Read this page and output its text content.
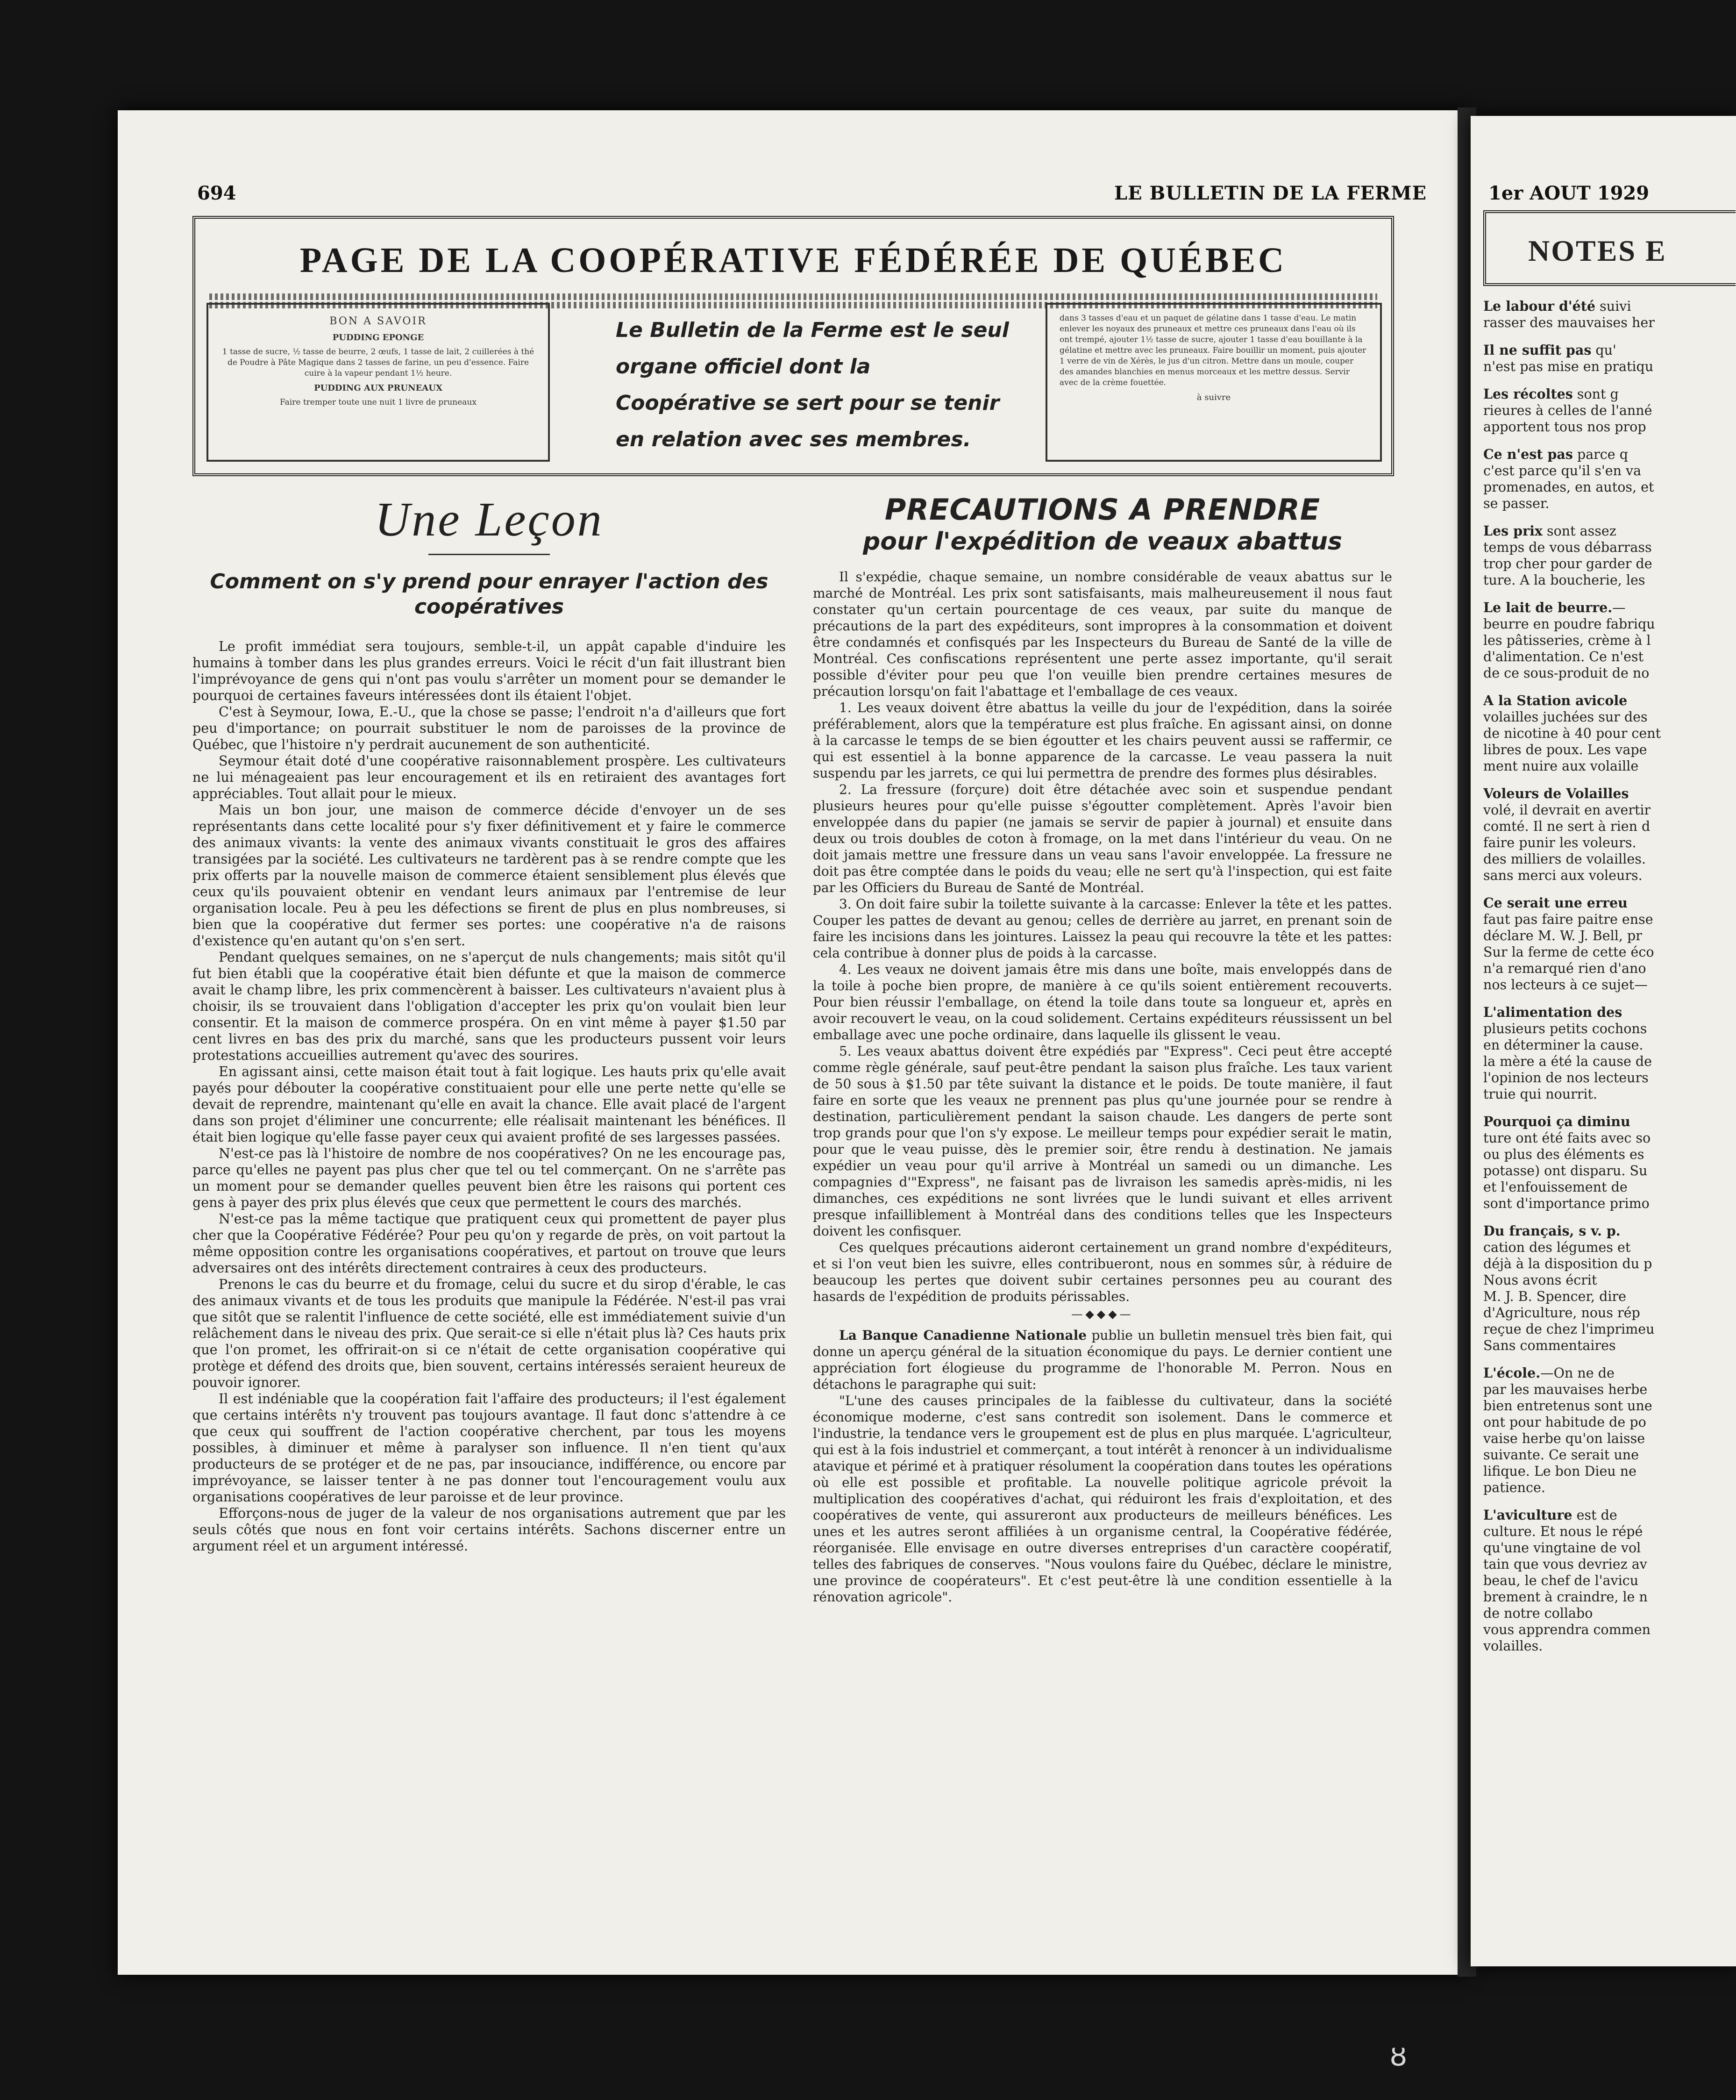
694	LE BULLETIN DE LA FERME	1er AOUT 1929
PAGE DE LA COOPÉRATIVE FÉDÉRÉE DE QUÉBEC
BON A SAVOIR
PUDDING EPONGE
1 tasse de sucre, ½ tasse de beurre, 2 œufs, 1 tasse de lait, 2 cuillerées à thé de Poudre à Pâte Magique dans 2 tasses de farine, un peu d'essence. Faire cuire à la vapeur pendant 1½ heure.
PUDDING AUX PRUNEAUX
Faire tremper toute une nuit 1 livre de pruneaux
Le Bulletin de la Ferme est le seul organe officiel dont la Coopérative se sert pour se tenir en relation avec ses membres.
dans 3 tasses d'eau et un paquet de gélatine dans 1 tasse d'eau. Le matin enlever les noyaux des pruneaux et mettre ces pruneaux dans l'eau où ils ont trempé, ajouter 1½ tasse de sucre, ajouter 1 tasse d'eau bouillante à la gélatine et mettre avec les pruneaux. Faire bouillir un moment, puis ajouter 1 verre de vin de Xérès, le jus d'un citron. Mettre dans un moule, couper des amandes blanchies en menus morceaux et les mettre dessus. Servir avec de la crème fouettée.
à suivre
Une Leçon
Comment on s'y prend pour enrayer l'action des coopératives

Le profit immédiat sera toujours, semble-t-il, un appât capable d'induire les humains à tomber dans les plus grandes erreurs. Voici le récit d'un fait illustrant bien l'imprévoyance de gens qui n'ont pas voulu s'arrêter un moment pour se demander le pourquoi de certaines faveurs intéressées dont ils étaient l'objet.

C'est à Seymour, Iowa, E.-U., que la chose se passe; l'endroit n'a d'ailleurs que fort peu d'importance; on pourrait substituer le nom de paroisses de la province de Québec, que l'histoire n'y perdrait aucunement de son authenticité.

Seymour était doté d'une coopérative raisonnablement prospère. Les cultivateurs ne lui ménageaient pas leur encouragement et ils en retiraient des avantages fort appréciables. Tout allait pour le mieux.

Mais un bon jour, une maison de commerce décide d'envoyer un de ses représentants dans cette localité pour s'y fixer définitivement et y faire le commerce des animaux vivants: la vente des animaux vivants constituait le gros des affaires transigées par la société. Les cultivateurs ne tardèrent pas à se rendre compte que les prix offerts par la nouvelle maison de commerce étaient sensiblement plus élevés que ceux qu'ils pouvaient obtenir en vendant leurs animaux par l'entremise de leur organisation locale. Peu à peu les défections se firent de plus en plus nombreuses, si bien que la coopérative dut fermer ses portes: une coopérative n'a de raisons d'existence qu'en autant qu'on s'en sert.

Pendant quelques semaines, on ne s'aperçut de nuls changements; mais sitôt qu'il fut bien établi que la coopérative était bien défunte et que la maison de commerce avait le champ libre, les prix commencèrent à baisser. Les cultivateurs n'avaient plus à choisir, ils se trouvaient dans l'obligation d'accepter les prix qu'on voulait bien leur consentir. Et la maison de commerce prospéra. On en vint même à payer $1.50 par cent livres en bas des prix du marché, sans que les producteurs pussent voir leurs protestations accueillies autrement qu'avec des sourires.

En agissant ainsi, cette maison était tout à fait logique. Les hauts prix qu'elle avait payés pour débouter la coopérative constituaient pour elle une perte nette qu'elle se devait de reprendre, maintenant qu'elle en avait la chance. Elle avait placé de l'argent dans son projet d'éliminer une concurrente; elle réalisait maintenant les bénéfices. Il était bien logique qu'elle fasse payer ceux qui avaient profité de ses largesses passées.

N'est-ce pas là l'histoire de nombre de nos coopératives? On ne les encourage pas, parce qu'elles ne payent pas plus cher que tel ou tel commerçant. On ne s'arrête pas un moment pour se demander quelles peuvent bien être les raisons qui portent ces gens à payer des prix plus élevés que ceux que permettent le cours des marchés.

N'est-ce pas la même tactique que pratiquent ceux qui promettent de payer plus cher que la Coopérative Fédérée? Pour peu qu'on y regarde de près, on voit partout la même opposition contre les organisations coopératives, et partout on trouve que leurs adversaires ont des intérêts directement contraires à ceux des producteurs.

Prenons le cas du beurre et du fromage, celui du sucre et du sirop d'érable, le cas des animaux vivants et de tous les produits que manipule la Fédérée. N'est-il pas vrai que sitôt que se ralentit l'influence de cette société, elle est immédiatement suivie d'un relâchement dans le niveau des prix. Que serait-ce si elle n'était plus là? Ces hauts prix que l'on promet, les offrirait-on si ce n'était de cette organisation coopérative qui protège et défend des droits que, bien souvent, certains intéressés seraient heureux de pouvoir ignorer.

Il est indéniable que la coopération fait l'affaire des producteurs; il l'est également que certains intérêts n'y trouvent pas toujours avantage. Il faut donc s'attendre à ce que ceux qui souffrent de l'action coopérative cherchent, par tous les moyens possibles, à diminuer et même à paralyser son influence. Il n'en tient qu'aux producteurs de se protéger et de ne pas, par insouciance, indifférence, ou encore par imprévoyance, se laisser tenter à ne pas donner tout l'encouragement voulu aux organisations coopératives de leur paroisse et de leur province.

Efforçons-nous de juger de la valeur de nos organisations autrement que par les seuls côtés que nous en font voir certains intérêts. Sachons discerner entre un argument réel et un argument intéressé.

PRECAUTIONS A PRENDRE
pour l'expédition de veaux abattus

Il s'expédie, chaque semaine, un nombre considérable de veaux abattus sur le marché de Montréal. Les prix sont satisfaisants, mais malheureusement il nous faut constater qu'un certain pourcentage de ces veaux, par suite du manque de précautions de la part des expéditeurs, sont impropres à la consommation et doivent être condamnés et confisqués par les Inspecteurs du Bureau de Santé de la ville de Montréal. Ces confiscations représentent une perte assez importante, qu'il serait possible d'éviter pour peu que l'on veuille bien prendre certaines mesures de précaution lorsqu'on fait l'abattage et l'emballage de ces veaux.

1. Les veaux doivent être abattus la veille du jour de l'expédition, dans la soirée préférablement, alors que la température est plus fraîche. En agissant ainsi, on donne à la carcasse le temps de se bien égoutter et les chairs peuvent aussi se raffermir, ce qui est essentiel à la bonne apparence de la carcasse. Le veau passera la nuit suspendu par les jarrets, ce qui lui permettra de prendre des formes plus désirables.

2. La fressure (forçure) doit être détachée avec soin et suspendue pendant plusieurs heures pour qu'elle puisse s'égoutter complètement. Après l'avoir bien enveloppée dans du papier (ne jamais se servir de papier à journal) et ensuite dans deux ou trois doubles de coton à fromage, on la met dans l'intérieur du veau. On ne doit jamais mettre une fressure dans un veau sans l'avoir enveloppée. La fressure ne doit pas être comptée dans le poids du veau; elle ne sert qu'à l'inspection, qui est faite par les Officiers du Bureau de Santé de Montréal.

3. On doit faire subir la toilette suivante à la carcasse: Enlever la tête et les pattes. Couper les pattes de devant au genou; celles de derrière au jarret, en prenant soin de faire les incisions dans les jointures. Laissez la peau qui recouvre la tête et les pattes: cela contribue à donner plus de poids à la carcasse.

4. Les veaux ne doivent jamais être mis dans une boîte, mais enveloppés dans de la toile à poche bien propre, de manière à ce qu'ils soient entièrement recouverts. Pour bien réussir l'emballage, on étend la toile dans toute sa longueur et, après en avoir recouvert le veau, on la coud solidement. Certains expéditeurs réussissent un bel emballage avec une poche ordinaire, dans laquelle ils glissent le veau.

5. Les veaux abattus doivent être expédiés par "Express". Ceci peut être accepté comme règle générale, sauf peut-être pendant la saison plus fraîche. Les taux varient de 50 sous à $1.50 par tête suivant la distance et le poids. De toute manière, il faut faire en sorte que les veaux ne prennent pas plus qu'une journée pour se rendre à destination, particulièrement pendant la saison chaude. Les dangers de perte sont trop grands pour que l'on s'y expose. Le meilleur temps pour expédier serait le matin, pour que le veau puisse, dès le premier soir, être rendu à destination. Ne jamais expédier un veau pour qu'il arrive à Montréal un samedi ou un dimanche. Les compagnies d'"Express", ne faisant pas de livraison les samedis après-midis, ni les dimanches, ces expéditions ne sont livrées que le lundi suivant et elles arrivent presque infailliblement à Montréal dans des conditions telles que les Inspecteurs doivent les confisquer.

Ces quelques précautions aideront certainement un grand nombre d'expéditeurs, et si l'on veut bien les suivre, elles contribueront, nous en sommes sûr, à réduire de beaucoup les pertes que doivent subir certaines personnes peu au courant des hasards de l'expédition de produits périssables.

—◆◆◆—

La Banque Canadienne Nationale publie un bulletin mensuel très bien fait, qui donne un aperçu général de la situation économique du pays. Le dernier contient une appréciation fort élogieuse du programme de l'honorable M. Perron. Nous en détachons le paragraphe qui suit:

"L'une des causes principales de la faiblesse du cultivateur, dans la société économique moderne, c'est sans contredit son isolement. Dans le commerce et l'industrie, la tendance vers le groupement est de plus en plus marquée. L'agriculteur, qui est à la fois industriel et commerçant, a tout intérêt à renoncer à un individualisme atavique et périmé et à pratiquer résolument la coopération dans toutes les opérations où elle est possible et profitable. La nouvelle politique agricole prévoit la multiplication des coopératives d'achat, qui réduiront les frais d'exploitation, et des coopératives de vente, qui assureront aux producteurs de meilleurs bénéfices. Les unes et les autres seront affiliées à un organisme central, la Coopérative fédérée, réorganisée. Elle envisage en outre diverses entreprises d'un caractère coopératif, telles des fabriques de conserves. "Nous voulons faire du Québec, déclare le ministre, une province de coopérateurs". Et c'est peut-être là une condition essentielle à la rénovation agricole".

NOTES E

Le labour d'été suivi
rasser des mauvaises her

Il ne suffit pas qu'
n'est pas mise en pratiqu

Les récoltes sont g
rieures à celles de l'anné
apportent tous nos prop

Ce n'est pas parce q
c'est parce qu'il s'en va
promenades, en autos, et
se passer.

Les prix sont assez
temps de vous débarrass
trop cher pour garder de
ture. A la boucherie, les

Le lait de beurre.—
beurre en poudre fabriqu
les pâtisseries, crème à l
d'alimentation. Ce n'est
de ce sous-produit de no

A la Station avicole
volailles juchées sur des
de nicotine à 40 pour cent
libres de poux. Les vape
ment nuire aux volaille

Voleurs de Volailles
volé, il devrait en avertir
comté. Il ne sert à rien d
faire punir les voleurs.
des milliers de volailles.
sans merci aux voleurs.

Ce serait une erreu
faut pas faire paitre ense
déclare M. W. J. Bell, pr
Sur la ferme de cette éco
n'a remarqué rien d'ano
nos lecteurs à ce sujet—

L'alimentation des
plusieurs petits cochons
en déterminer la cause.
la mère a été la cause de
l'opinion de nos lecteurs
truie qui nourrit.

Pourquoi ça diminu
ture ont été faits avec so
ou plus des éléments es
potasse) ont disparu. Su
et l'enfouissement de
sont d'importance primo

Du français, s v. p.
cation des légumes et
déjà à la disposition du p
Nous avons écrit
M. J. B. Spencer, dire
d'Agriculture, nous rép
reçue de chez l'imprimeu
Sans commentaires

L'école.—On ne de
par les mauvaises herbe
bien entretenus sont une
ont pour habitude de po
vaise herbe qu'on laisse
suivante. Ce serait une
lifique. Le bon Dieu ne
patience.

L'aviculture est de
culture. Et nous le répé
qu'une vingtaine de vol
tain que vous devriez av
beau, le chef de l'avicu
brement à craindre, le n
de notre collabo
vous apprendra commen
volailles.

ȣ
